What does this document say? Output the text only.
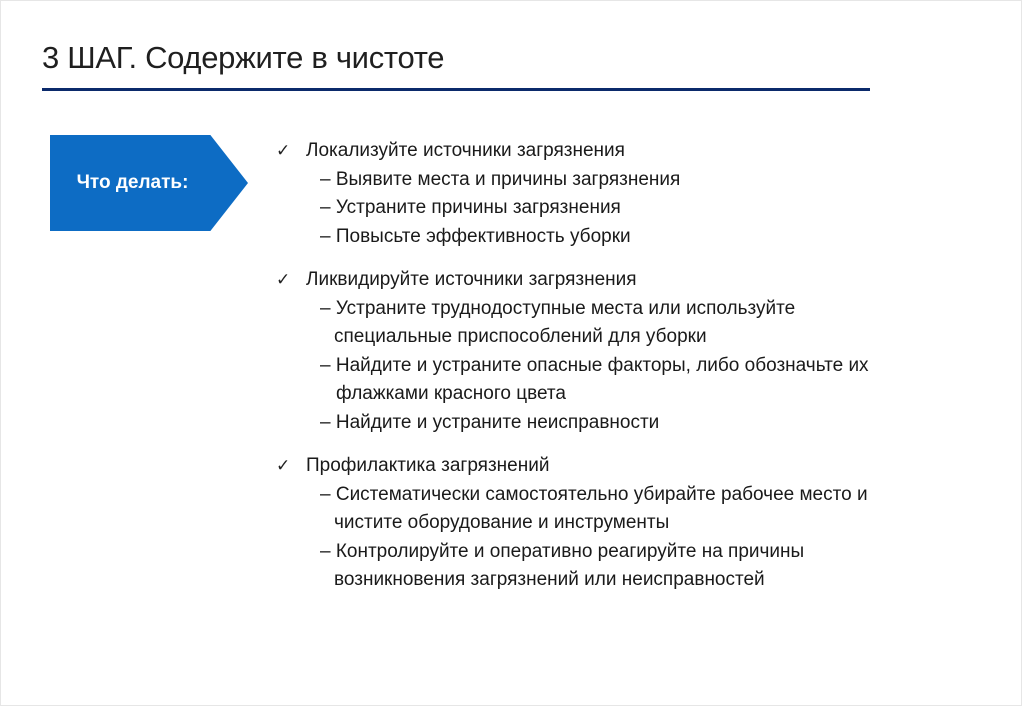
3 ШАГ. Содержите в чистоте
Что делать:
✓ Локализуйте источники загрязнения
‒ Выявите места и причины загрязнения
‒ Устраните причины загрязнения
‒ Повысьте эффективность уборки
✓ Ликвидируйте источники загрязнения
‒ Устраните труднодоступные места или используйте
специальные приспособлений для уборки
‒ Найдите и устраните опасные факторы, либо обозначьте их
флажками красного цвета
‒ Найдите и устраните неисправности
✓ Профилактика загрязнений
‒ Систематически самостоятельно убирайте рабочее место и
чистите оборудование и инструменты
‒ Контролируйте и оперативно реагируйте на причины
возникновения загрязнений или неисправностей
